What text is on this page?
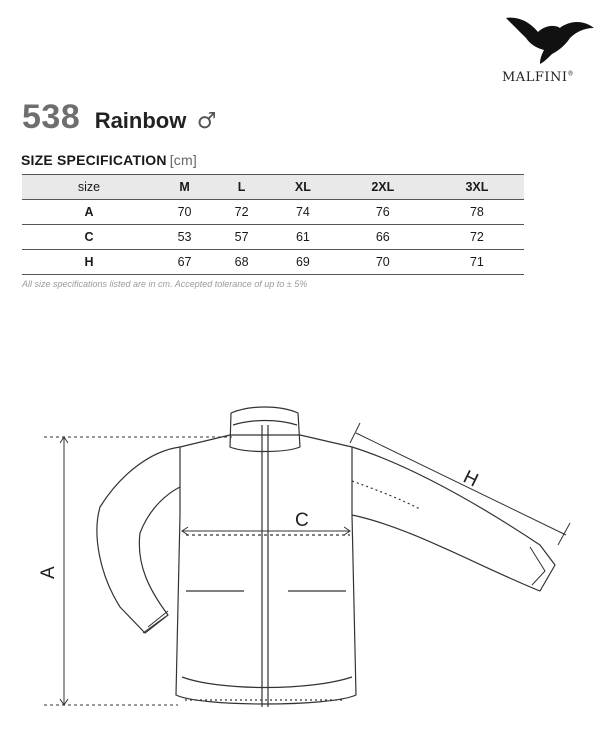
MALFINI®
538 Rainbow ♂
SIZE SPECIFICATION [cm]
size	M	L	XL	2XL	3XL
A	70	72	74	76	78
C	53	57	61	66	72
H	67	68	69	70	71
All size specifications listed are in cm. Accepted tolerance of up to ± 5%
A
C
H
